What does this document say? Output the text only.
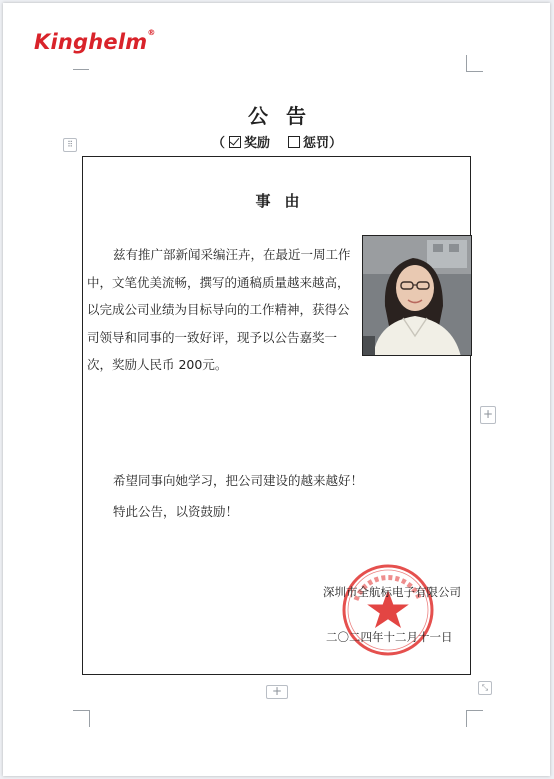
Kinghelm®
公告
（ 奖励	惩罚）
⠿
事由
兹有推广部新闻采编汪卉，在最近一周工作中，文笔优美流畅，撰写的通稿质量越来越高，以完成公司业绩为目标导向的工作精神，获得公司领导和同事的一致好评，现予以公告嘉奖一次，奖励人民币 200元。
希望同事向她学习，把公司建设的越来越好！
特此公告，以资鼓励！
深圳市全航标电子有限公司
二〇二四年十二月十一日
+
+	⤡
